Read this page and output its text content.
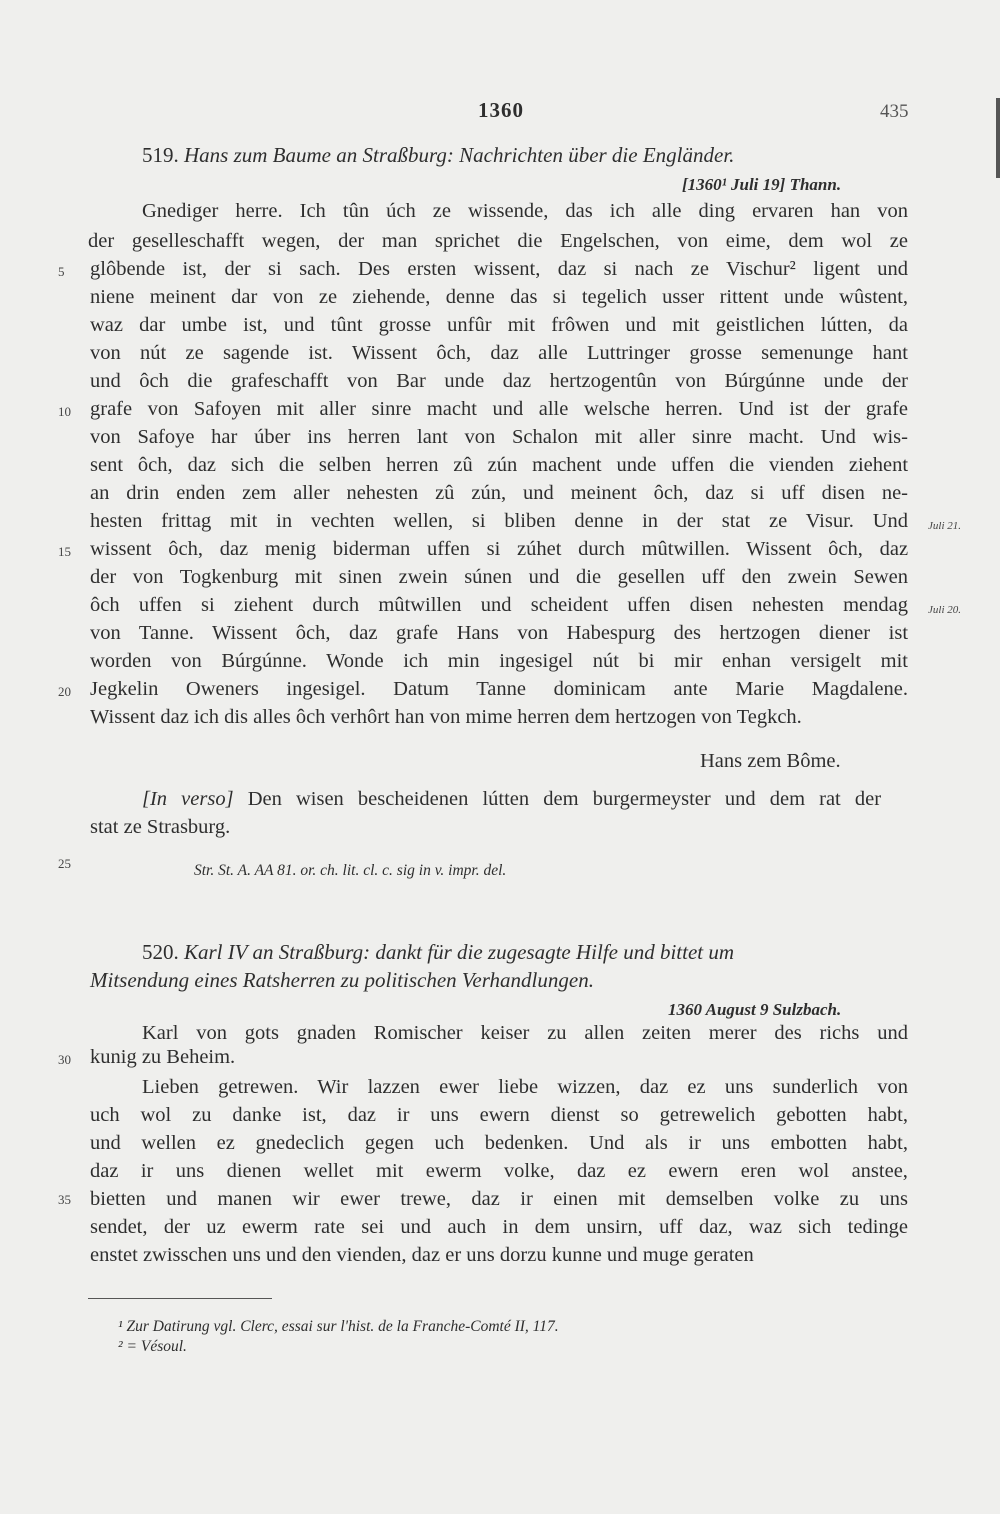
1360	435
519. Hans zum Baume an Straßburg: Nachrichten über die Engländer.
[1360¹ Juli 19] Thann.
Gnediger herre. Ich tûn úch ze wissende, das ich alle ding ervaren han von
der geselleschafft wegen, der man sprichet die Engelschen, von eime, dem wol ze
glôbende ist, der si sach. Des ersten wissent, daz si nach ze Vischur² ligent und
niene meinent dar von ze ziehende, denne das si tegelich usser rittent unde wûstent,
waz dar umbe ist, und tûnt grosse unfûr mit frôwen und mit geistlichen lútten, da
von nút ze sagende ist. Wissent ôch, daz alle Luttringer grosse semenunge hant
und ôch die grafeschafft von Bar unde daz hertzogentûn von Búrgúnne unde der
grafe von Safoyen mit aller sinre macht und alle welsche herren. Und ist der grafe
von Safoye har úber ins herren lant von Schalon mit aller sinre macht. Und wis-
sent ôch, daz sich die selben herren zû zún machent unde uffen die vienden ziehent
an drin enden zem aller nehesten zû zún, und meinent ôch, daz si uff disen ne-
hesten frittag mit in vechten wellen, si bliben denne in der stat ze Visur. Und
wissent ôch, daz menig biderman uffen si zúhet durch mûtwillen. Wissent ôch, daz
der von Togkenburg mit sinen zwein súnen und die gesellen uff den zwein Sewen
ôch uffen si ziehent durch mûtwillen und scheident uffen disen nehesten mendag
von Tanne. Wissent ôch, daz grafe Hans von Habespurg des hertzogen diener ist
worden von Búrgúnne. Wonde ich min ingesigel nút bi mir enhan versigelt mit
Jegkelin Oweners ingesigel. Datum Tanne dominicam ante Marie Magdalene.
Wissent daz ich dis alles ôch verhôrt han von mime herren dem hertzogen von Tegkch.
Hans zem Bôme.
[In verso] Den wisen bescheidenen lútten dem burgermeyster und dem rat der
stat ze Strasburg.
Str. St. A. AA 81. or. ch. lit. cl. c. sig in v. impr. del.
Juli 21.
Juli 20.
5
10
15
20
25
30
35
520. Karl IV an Straßburg: dankt für die zugesagte Hilfe und bittet um
Mitsendung eines Ratsherren zu politischen Verhandlungen.
1360 August 9 Sulzbach.
Karl von gots gnaden Romischer keiser zu allen zeiten merer des richs und
kunig zu Beheim.
Lieben getrewen. Wir lazzen ewer liebe wizzen, daz ez uns sunderlich von
uch wol zu danke ist, daz ir uns ewern dienst so getrewelich gebotten habt,
und wellen ez gnedeclich gegen uch bedenken. Und als ir uns embotten habt,
daz ir uns dienen wellet mit ewerm volke, daz ez ewern eren wol anstee,
bietten und manen wir ewer trewe, daz ir einen mit demselben volke zu uns
sendet, der uz ewerm rate sei und auch in dem unsirn, uff daz, waz sich tedinge
enstet zwisschen uns und den vienden, daz er uns dorzu kunne und muge geraten
¹ Zur Datirung vgl. Clerc, essai sur l'hist. de la Franche-Comté II, 117.
² = Vésoul.
